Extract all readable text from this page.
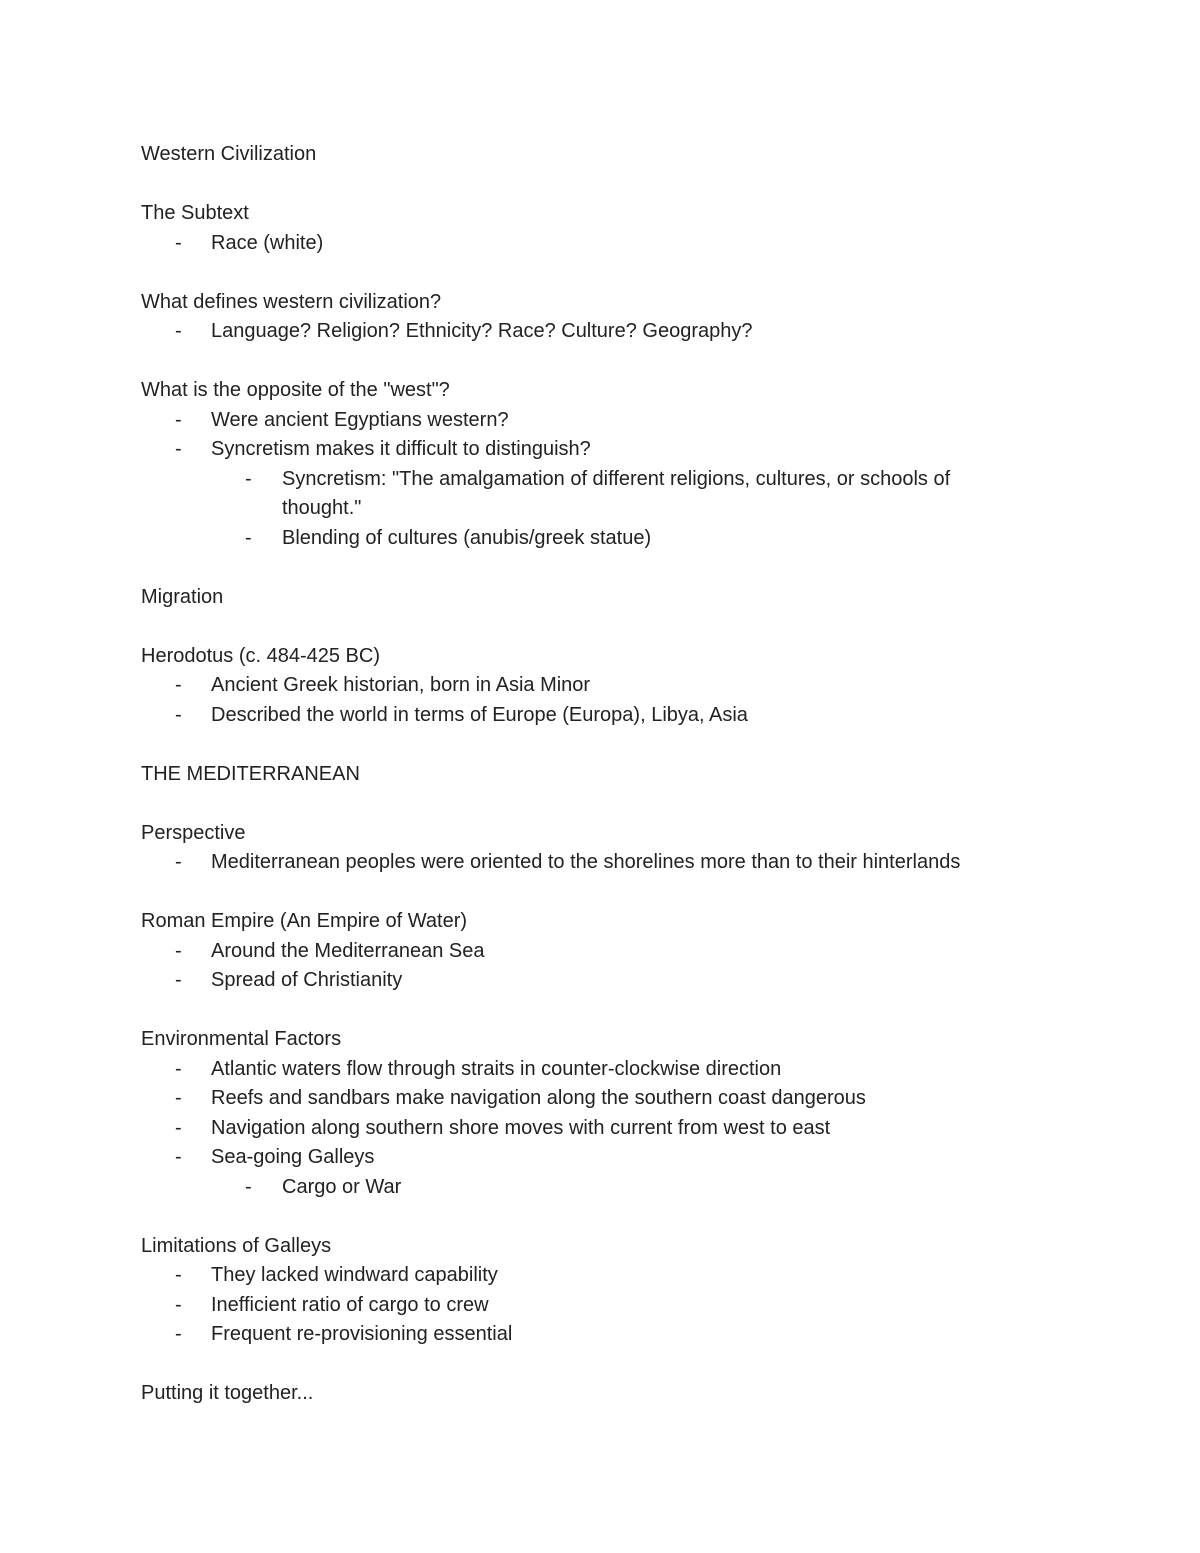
Western Civilization
The Subtext
- Race (white)
What defines western civilization?
- Language? Religion? Ethnicity? Race? Culture? Geography?
What is the opposite of the "west"?
- Were ancient Egyptians western?
- Syncretism makes it difficult to distinguish?
- Syncretism: "The amalgamation of different religions, cultures, or schools of thought."
- Blending of cultures (anubis/greek statue)
Migration
Herodotus (c. 484-425 BC)
- Ancient Greek historian, born in Asia Minor
- Described the world in terms of Europe (Europa), Libya, Asia
THE MEDITERRANEAN
Perspective
- Mediterranean peoples were oriented to the shorelines more than to their hinterlands
Roman Empire (An Empire of Water)
- Around the Mediterranean Sea
- Spread of Christianity
Environmental Factors
- Atlantic waters flow through straits in counter-clockwise direction
- Reefs and sandbars make navigation along the southern coast dangerous
- Navigation along southern shore moves with current from west to east
- Sea-going Galleys
- Cargo or War
Limitations of Galleys
- They lacked windward capability
- Inefficient ratio of cargo to crew
- Frequent re-provisioning essential
Putting it together...
